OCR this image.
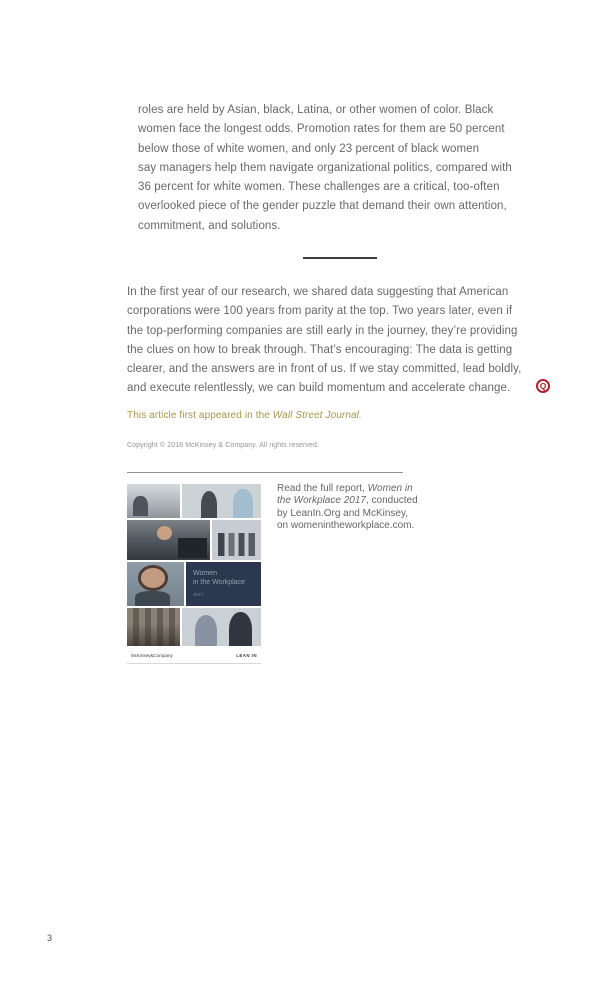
roles are held by Asian, black, Latina, or other women of color. Black
women face the longest odds. Promotion rates for them are 50 percent
below those of white women, and only 23 percent of black women
say managers help them navigate organizational politics, compared with
36 percent for white women. These challenges are a critical, too-often
overlooked piece of the gender puzzle that demand their own attention,
commitment, and solutions.
In the first year of our research, we shared data suggesting that American
corporations were 100 years from parity at the top. Two years later, even if
the top-performing companies are still early in the journey, they’re providing
the clues on how to break through. That’s encouraging: The data is getting
clearer, and the answers are in front of us. If we stay committed, lead boldly,
and execute relentlessly, we can build momentum and accelerate change.	Q
This article first appeared in the Wall Street Journal.
Copyright © 2018 McKinsey & Company. All rights reserved.
Women
in the Workplace
2017
McKinsey&Company	LEAN IN
Read the full report, Women in
the Workplace 2017, conducted
by LeanIn.Org and McKinsey,
on womenintheworkplace.com.
3
